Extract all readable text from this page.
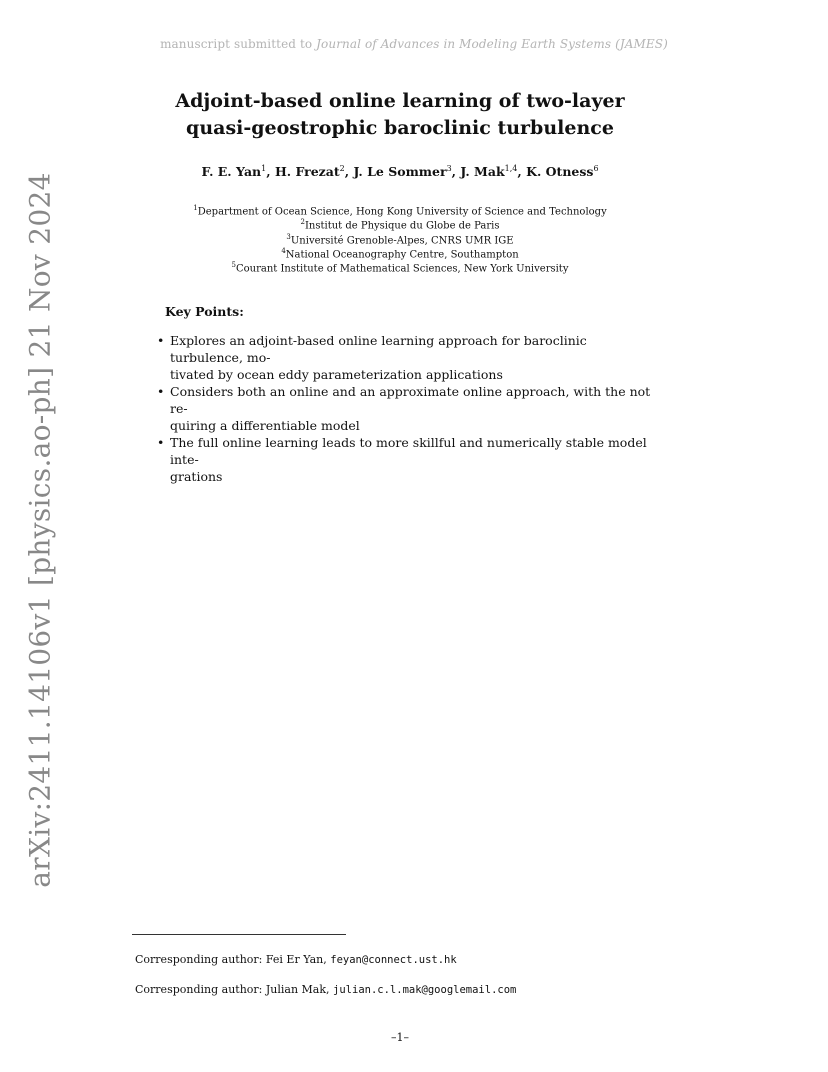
manuscript submitted to Journal of Advances in Modeling Earth Systems (JAMES)
arXiv:2411.14106v1 [physics.ao-ph] 21 Nov 2024
Adjoint-based online learning of two-layer
quasi-geostrophic baroclinic turbulence
F. E. Yan$^1$, H. Frezat$^2$, J. Le Sommer$^3$, J. Mak$^{1,4}$, K. Otness$^6$
$^1$Department of Ocean Science, Hong Kong University of Science and Technology
$^2$Institut de Physique du Globe de Paris
$^3$Université Grenoble-Alpes, CNRS UMR IGE
$^4$National Oceanography Centre, Southampton
$^5$Courant Institute of Mathematical Sciences, New York University
Key Points:
• Explores an adjoint-based online learning approach for baroclinic turbulence, mo-
tivated by ocean eddy parameterization applications
• Considers both an online and an approximate online approach, with the not re-
quiring a differentiable model
• The full online learning leads to more skillful and numerically stable model inte-
grations
Corresponding author: Fei Er Yan, feyan@connect.ust.hk
Corresponding author: Julian Mak, julian.c.l.mak@googlemail.com
–1–
